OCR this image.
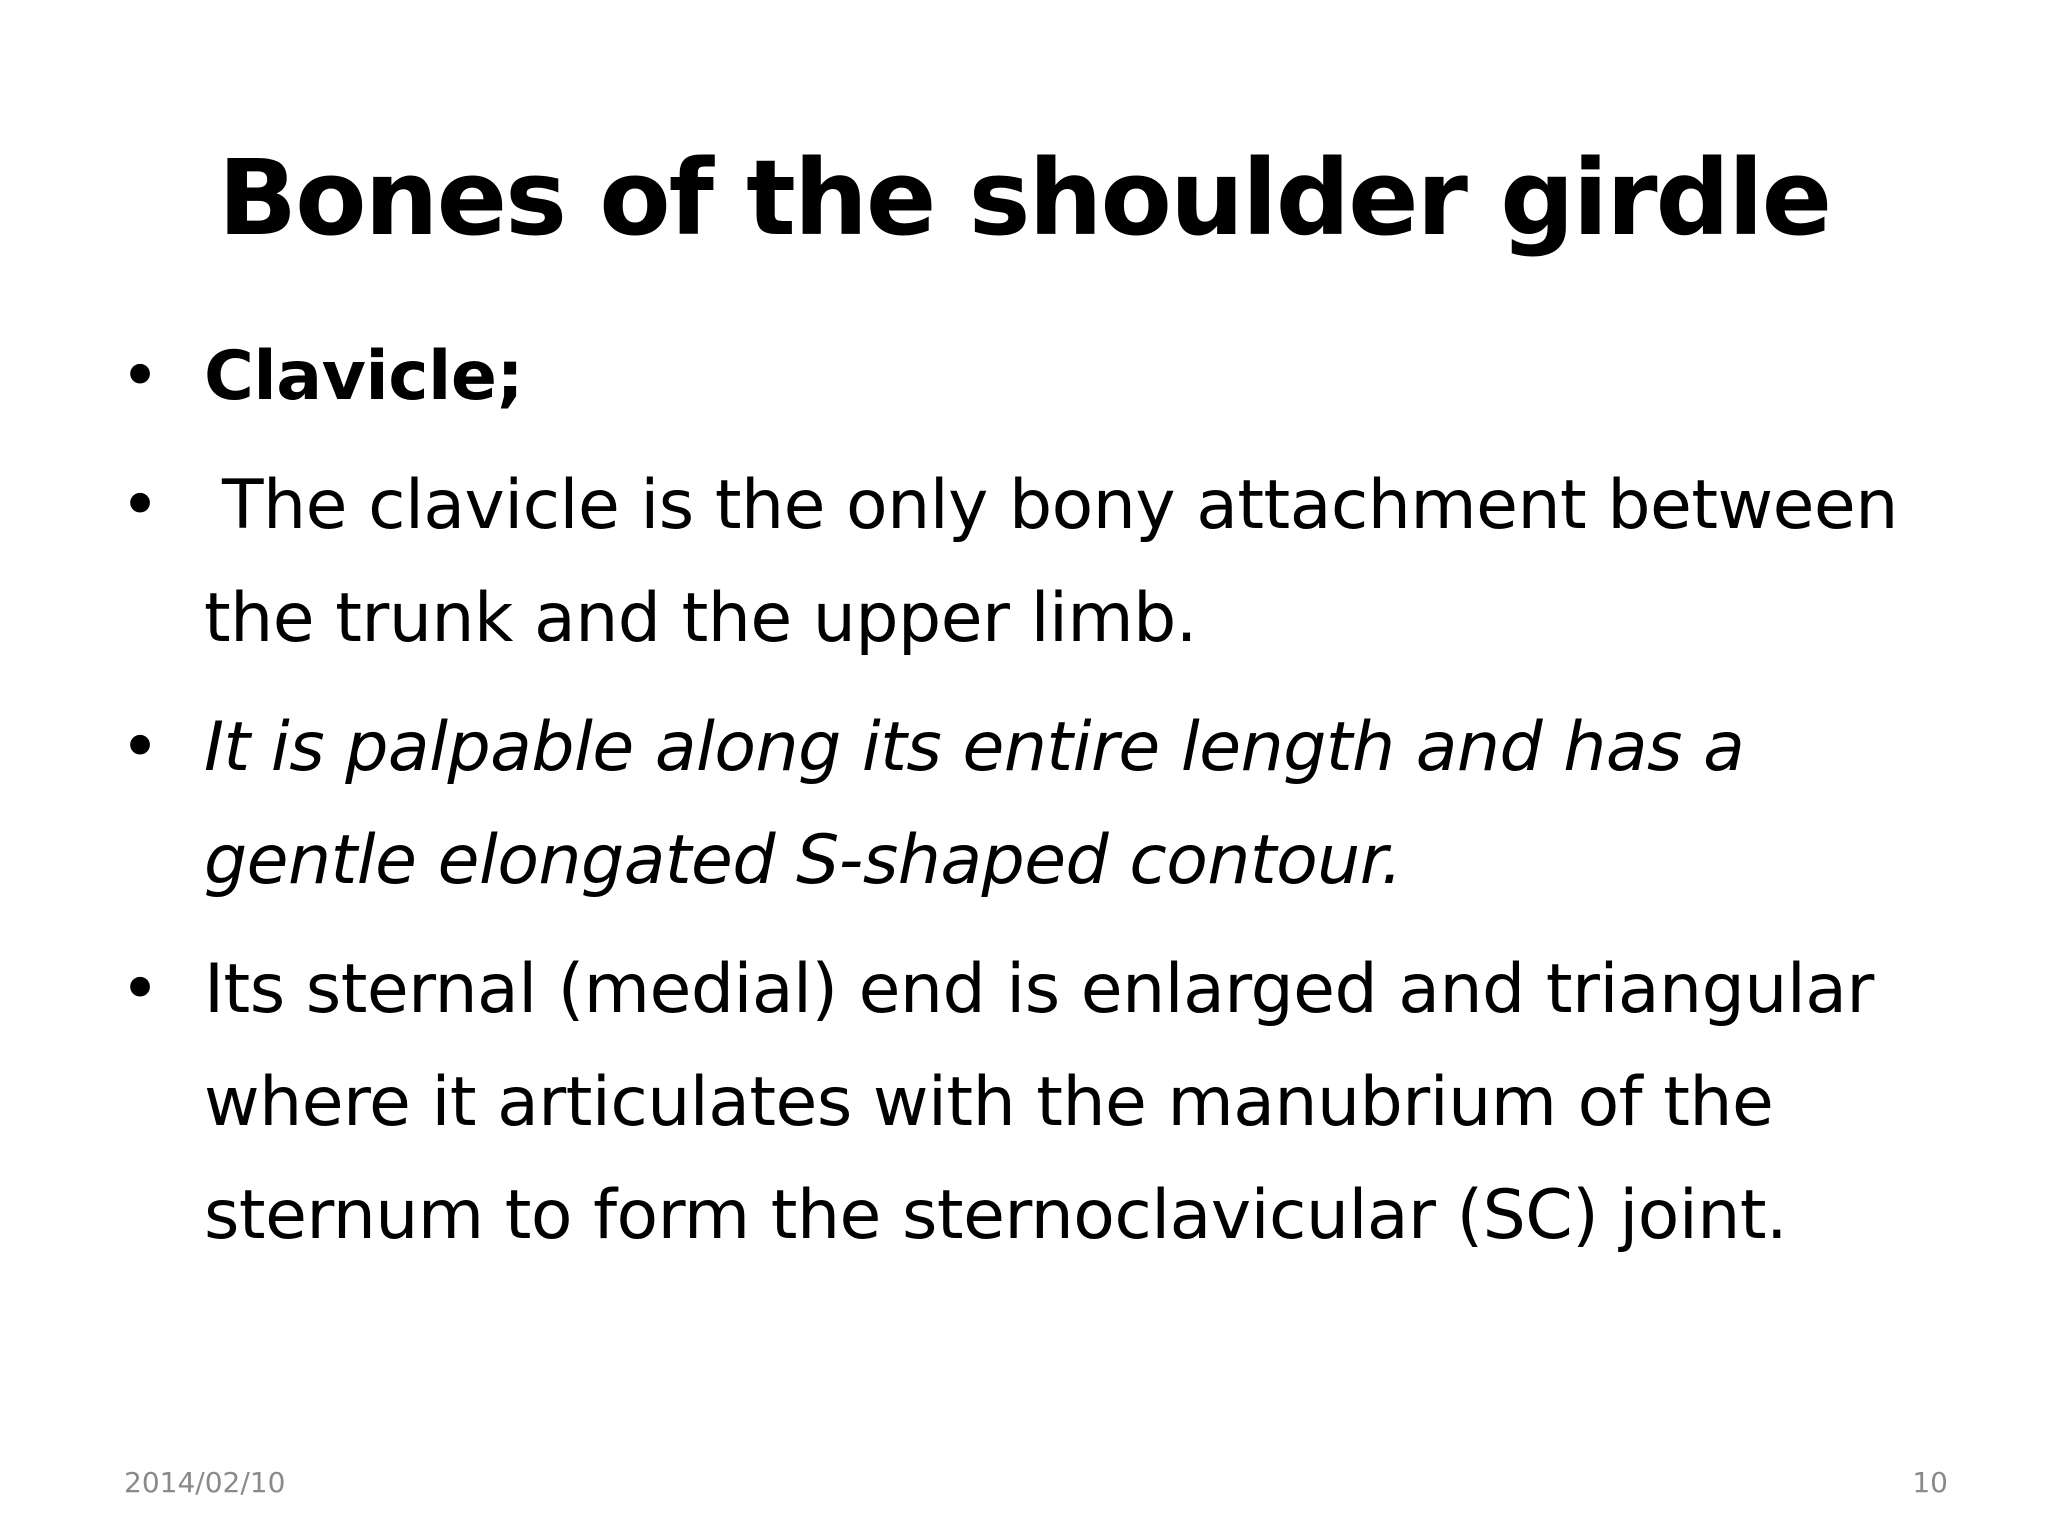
Bones of the shoulder girdle
• Clavicle;
• The clavicle is the only bony attachment between the trunk and the upper limb.
• It is palpable along its entire length and has a gentle elongated S-shaped contour.
• Its sternal (medial) end is enlarged and triangular where it articulates with the manubrium of the sternum to form the sternoclavicular (SC) joint.
2014/02/10	10
